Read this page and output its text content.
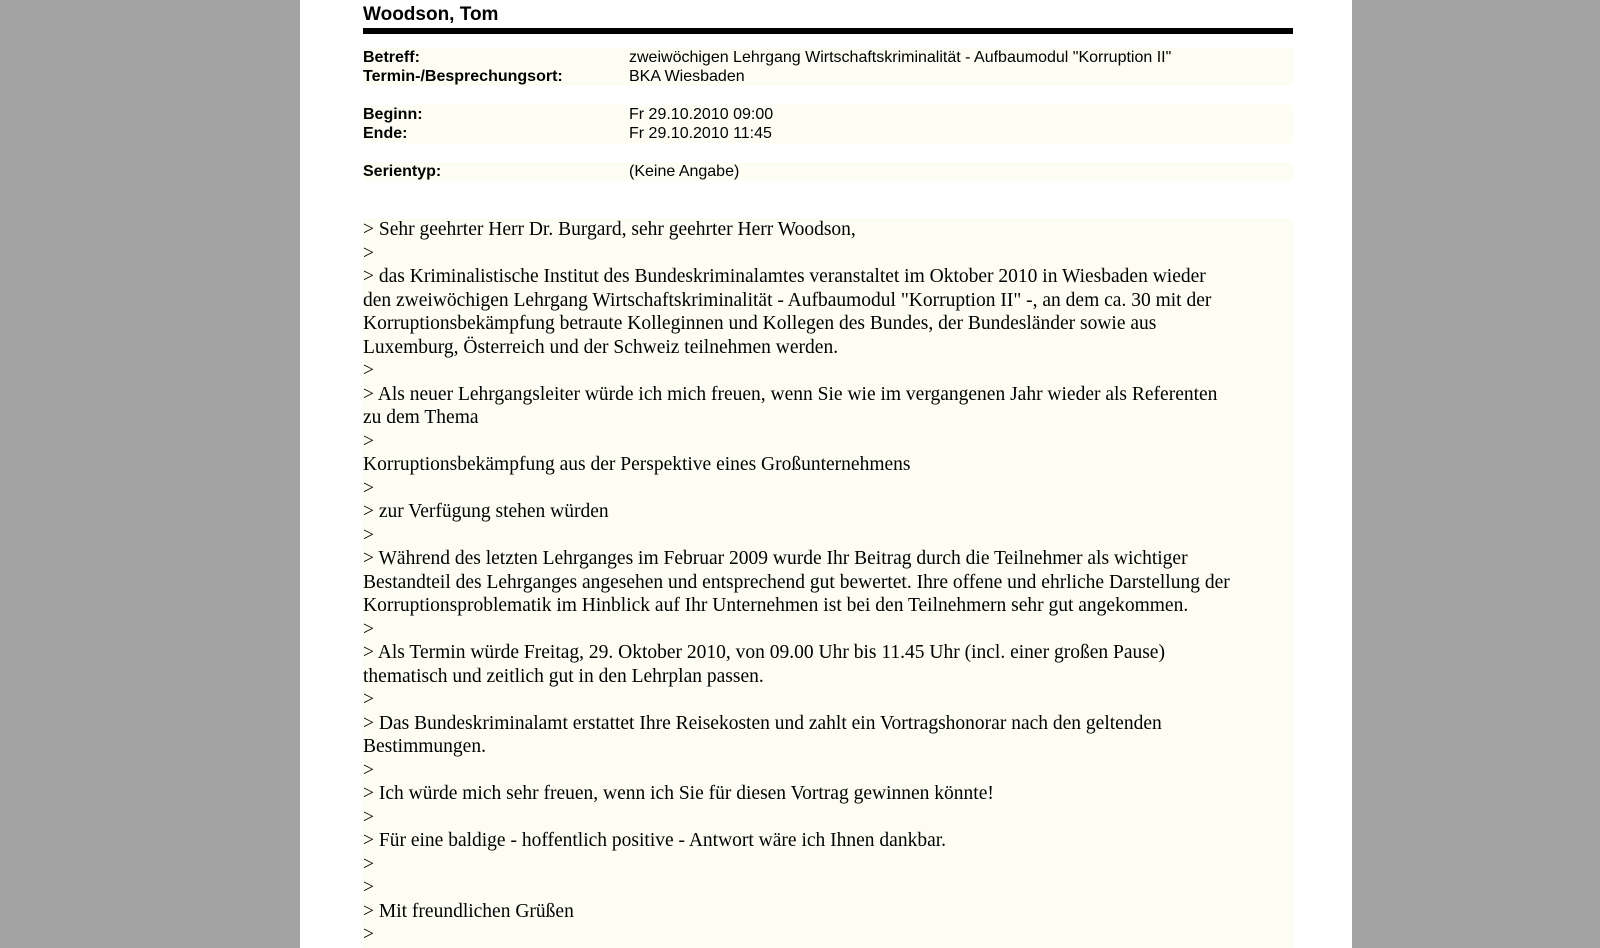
Woodson, Tom
Betreff:	zweiwöchigen Lehrgang Wirtschaftskriminalität - Aufbaumodul "Korruption II"
Termin-/Besprechungsort:	BKA Wiesbaden
Beginn:	Fr 29.10.2010 09:00
Ende:	Fr 29.10.2010 11:45
Serientyp:	(Keine Angabe)
> Sehr geehrter Herr Dr. Burgard, sehr geehrter Herr Woodson,
>
> das Kriminalistische Institut des Bundeskriminalamtes veranstaltet im Oktober 2010 in Wiesbaden wieder
den zweiwöchigen Lehrgang Wirtschaftskriminalität - Aufbaumodul "Korruption II" -, an dem ca. 30 mit der
Korruptionsbekämpfung betraute Kolleginnen und Kollegen des Bundes, der Bundesländer sowie aus
Luxemburg, Österreich und der Schweiz teilnehmen werden.
>
> Als neuer Lehrgangsleiter würde ich mich freuen, wenn Sie wie im vergangenen Jahr wieder als Referenten
zu dem Thema
>
Korruptionsbekämpfung aus der Perspektive eines Großunternehmens
>
> zur Verfügung stehen würden
>
> Während des letzten Lehrganges im Februar 2009 wurde Ihr Beitrag durch die Teilnehmer als wichtiger
Bestandteil des Lehrganges angesehen und entsprechend gut bewertet. Ihre offene und ehrliche Darstellung der
Korruptionsproblematik im Hinblick auf Ihr Unternehmen ist bei den Teilnehmern sehr gut angekommen.
>
> Als Termin würde Freitag, 29. Oktober 2010, von 09.00 Uhr bis 11.45 Uhr (incl. einer großen Pause)
thematisch und zeitlich gut in den Lehrplan passen.
>
> Das Bundeskriminalamt erstattet Ihre Reisekosten und zahlt ein Vortragshonorar nach den geltenden
Bestimmungen.
>
> Ich würde mich sehr freuen, wenn ich Sie für diesen Vortrag gewinnen könnte!
>
> Für eine baldige - hoffentlich positive - Antwort wäre ich Ihnen dankbar.
>
>
> Mit freundlichen Grüßen
>
